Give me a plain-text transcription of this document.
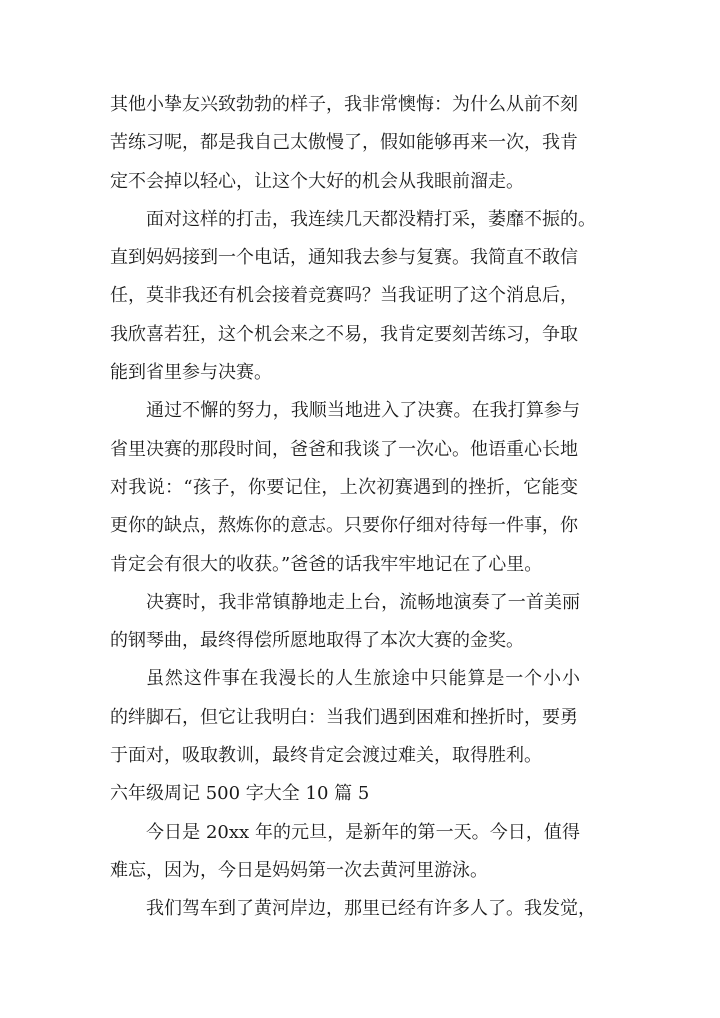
其他小挚友兴致勃勃的样子，我非常懊悔：为什么从前不刻
苦练习呢，都是我自己太傲慢了，假如能够再来一次，我肯
定不会掉以轻心，让这个大好的机会从我眼前溜走。
面对这样的打击，我连续几天都没精打采，萎靡不振的。
直到妈妈接到一个电话，通知我去参与复赛。我简直不敢信
任，莫非我还有机会接着竞赛吗？当我证明了这个消息后，
我欣喜若狂，这个机会来之不易，我肯定要刻苦练习，争取
能到省里参与决赛。
通过不懈的努力，我顺当地进入了决赛。在我打算参与
省里决赛的那段时间，爸爸和我谈了一次心。他语重心长地
对我说：“孩子，你要记住，上次初赛遇到的挫折，它能变
更你的缺点，熬炼你的意志。只要你仔细对待每一件事，你
肯定会有很大的收获。”爸爸的话我牢牢地记在了心里。
决赛时，我非常镇静地走上台，流畅地演奏了一首美丽
的钢琴曲，最终得偿所愿地取得了本次大赛的金奖。
虽然这件事在我漫长的人生旅途中只能算是一个小小
的绊脚石，但它让我明白：当我们遇到困难和挫折时，要勇
于面对，吸取教训，最终肯定会渡过难关，取得胜利。
六年级周记 500 字大全 10 篇 5
今日是 20xx 年的元旦，是新年的第一天。今日，值得
难忘，因为，今日是妈妈第一次去黄河里游泳。
我们驾车到了黄河岸边，那里已经有许多人了。我发觉，
